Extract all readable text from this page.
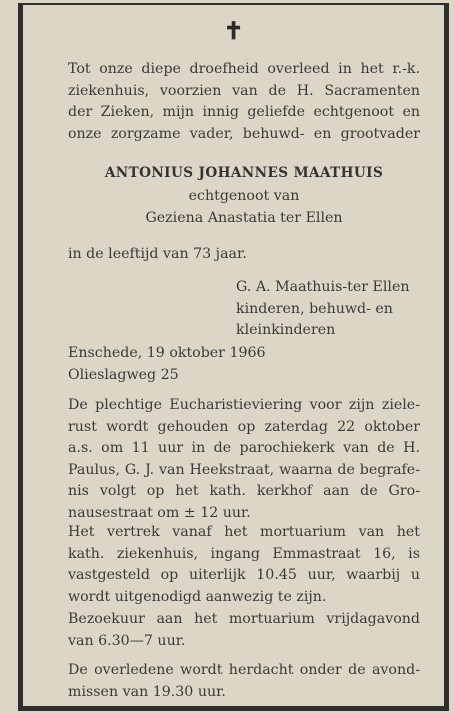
✝
Tot onze diepe droefheid overleed in het r.-k.
ziekenhuis, voorzien van de H. Sacramenten
der Zieken, mijn innig geliefde echtgenoot en
onze zorgzame vader, behuwd- en grootvader
ANTONIUS JOHANNES MAATHUIS
echtgenoot van
Geziena Anastatia ter Ellen
in de leeftijd van 73 jaar.
G. A. Maathuis-ter Ellen
kinderen, behuwd- en
kleinkinderen
Enschede, 19 oktober 1966
Olieslagweg 25
De plechtige Eucharistieviering voor zijn ziele-
rust wordt gehouden op zaterdag 22 oktober
a.s. om 11 uur in de parochiekerk van de H.
Paulus, G. J. van Heekstraat, waarna de begrafe-
nis volgt op het kath. kerkhof aan de Gro-
nausestraat om ± 12 uur.
Het vertrek vanaf het mortuarium van het
kath. ziekenhuis, ingang Emmastraat 16, is
vastgesteld op uiterlijk 10.45 uur, waarbij u
wordt uitgenodigd aanwezig te zijn.
Bezoekuur aan het mortuarium vrijdagavond
van 6.30—7 uur.
De overledene wordt herdacht onder de avond-
missen van 19.30 uur.
